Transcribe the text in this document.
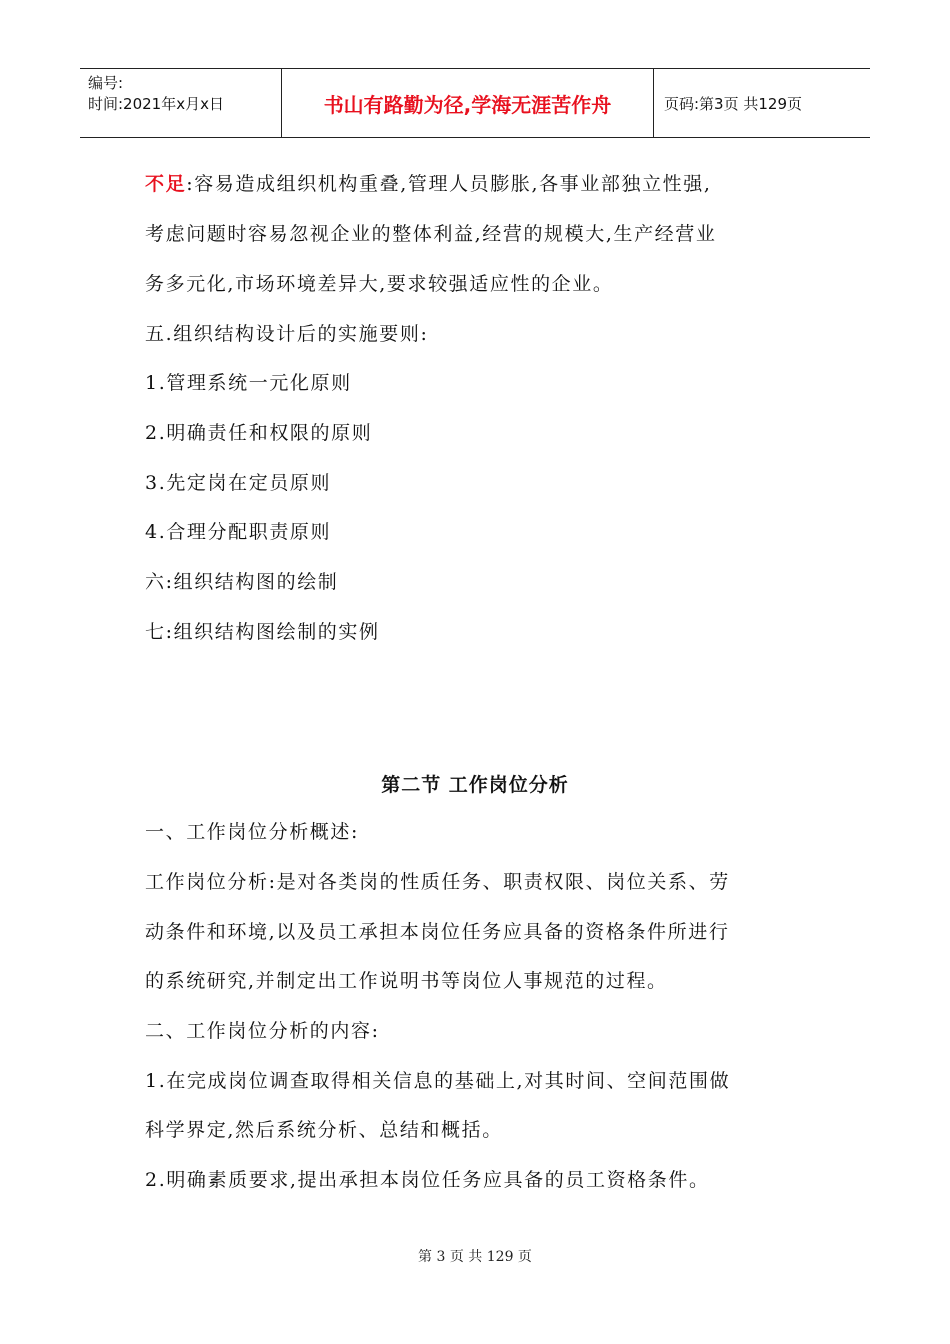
编号:
时间:2021年x月x日	书山有路勤为径,学海无涯苦作舟	页码:第3页 共129页
不足:容易造成组织机构重叠,管理人员膨胀,各事业部独立性强,
考虑问题时容易忽视企业的整体利益,经营的规模大,生产经营业
务多元化,市场环境差异大,要求较强适应性的企业。
五.组织结构设计后的实施要则:
1.管理系统一元化原则
2.明确责任和权限的原则
3.先定岗在定员原则
4.合理分配职责原则
六:组织结构图的绘制
七:组织结构图绘制的实例
第二节 工作岗位分析
一、工作岗位分析概述:
工作岗位分析:是对各类岗的性质任务、职责权限、岗位关系、劳
动条件和环境,以及员工承担本岗位任务应具备的资格条件所进行
的系统研究,并制定出工作说明书等岗位人事规范的过程。
二、工作岗位分析的内容:
1.在完成岗位调查取得相关信息的基础上,对其时间、空间范围做
科学界定,然后系统分析、总结和概括。
2.明确素质要求,提出承担本岗位任务应具备的员工资格条件。
第 3 页 共 129 页
